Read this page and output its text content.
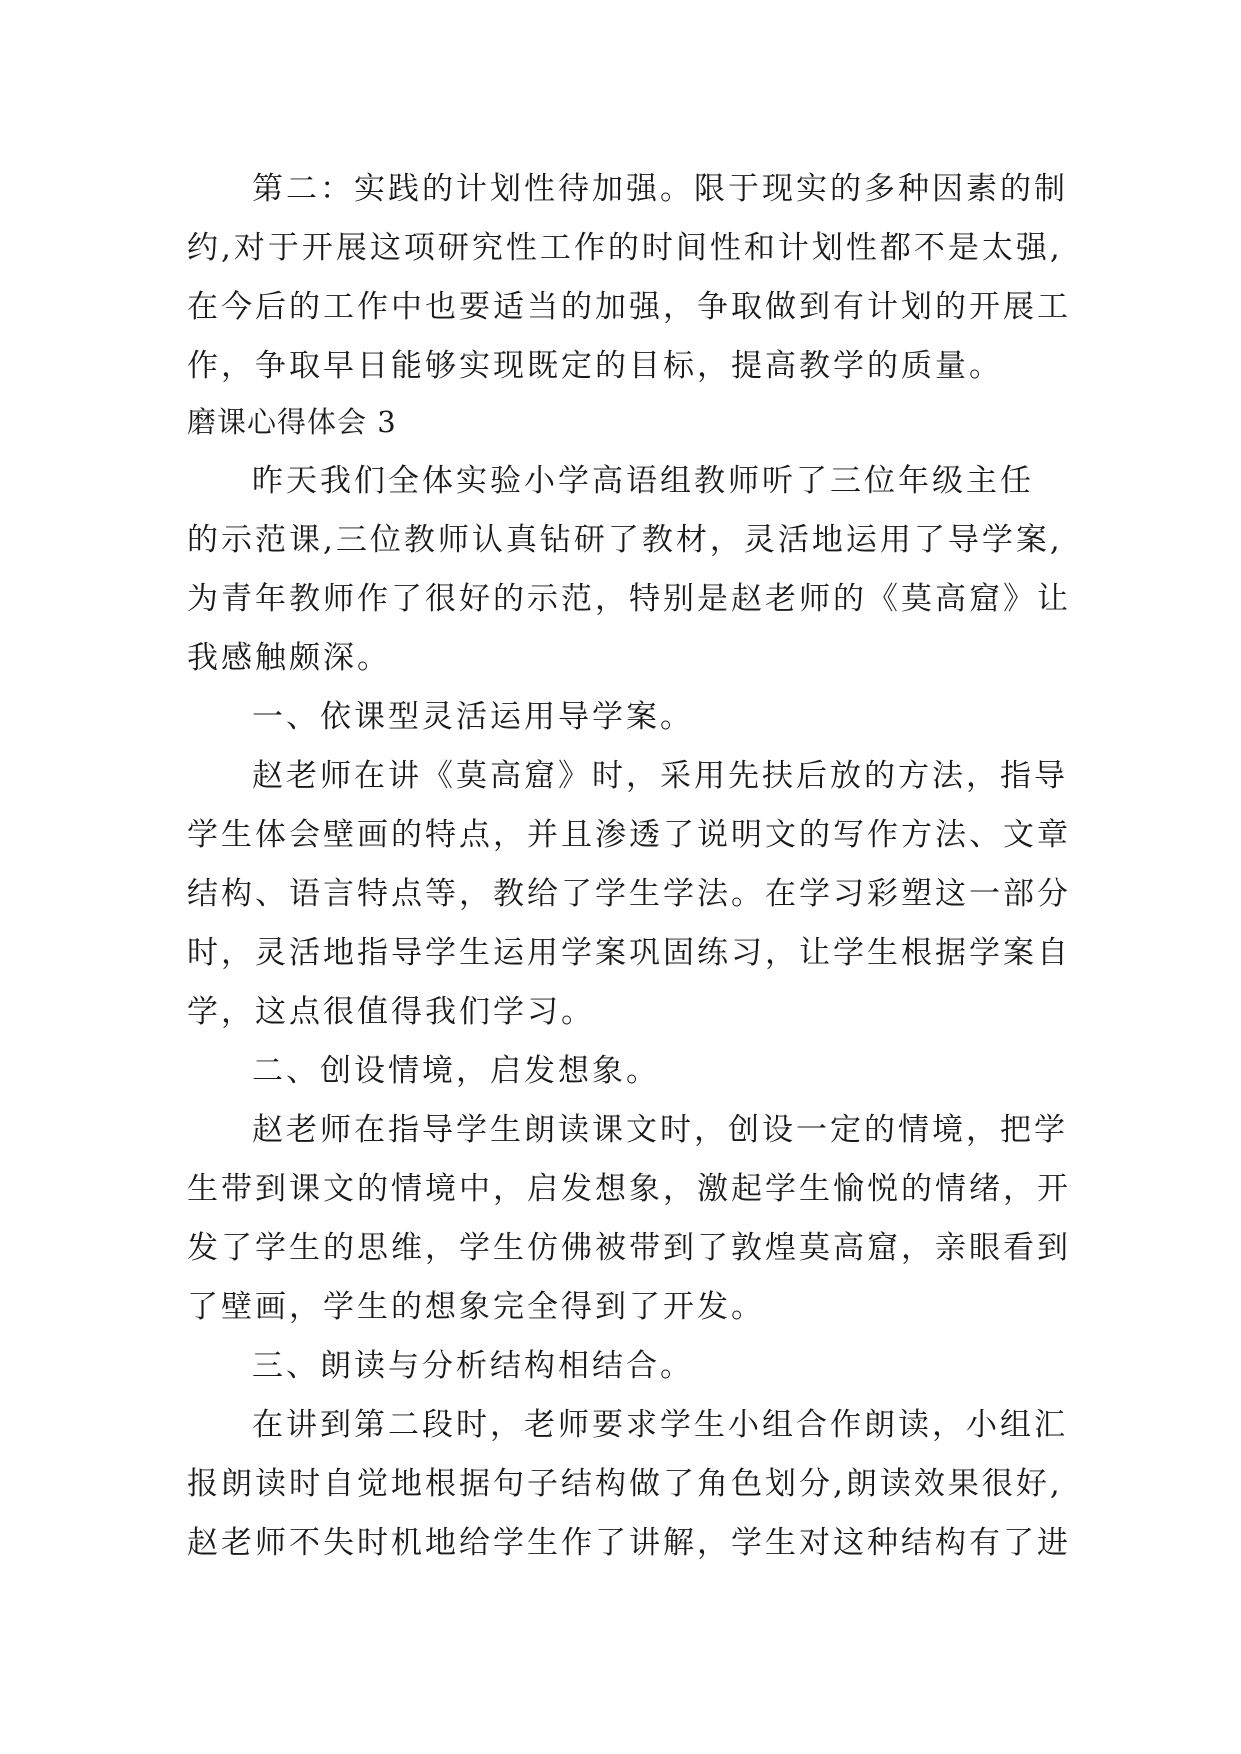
第二：实践的计划性待加强。限于现实的多种因素的制
约,对于开展这项研究性工作的时间性和计划性都不是太强,
在今后的工作中也要适当的加强，争取做到有计划的开展工
作，争取早日能够实现既定的目标，提高教学的质量。
磨课心得体会 3
昨天我们全体实验小学高语组教师听了三位年级主任
的示范课,三位教师认真钻研了教材，灵活地运用了导学案,
为青年教师作了很好的示范，特别是赵老师的《莫高窟》让
我感触颇深。
一、依课型灵活运用导学案。
赵老师在讲《莫高窟》时，采用先扶后放的方法，指导
学生体会壁画的特点，并且渗透了说明文的写作方法、文章
结构、语言特点等，教给了学生学法。在学习彩塑这一部分
时，灵活地指导学生运用学案巩固练习，让学生根据学案自
学，这点很值得我们学习。
二、创设情境，启发想象。
赵老师在指导学生朗读课文时，创设一定的情境，把学
生带到课文的情境中，启发想象，激起学生愉悦的情绪，开
发了学生的思维，学生仿佛被带到了敦煌莫高窟，亲眼看到
了壁画，学生的想象完全得到了开发。
三、朗读与分析结构相结合。
在讲到第二段时，老师要求学生小组合作朗读，小组汇
报朗读时自觉地根据句子结构做了角色划分,朗读效果很好,
赵老师不失时机地给学生作了讲解，学生对这种结构有了进
